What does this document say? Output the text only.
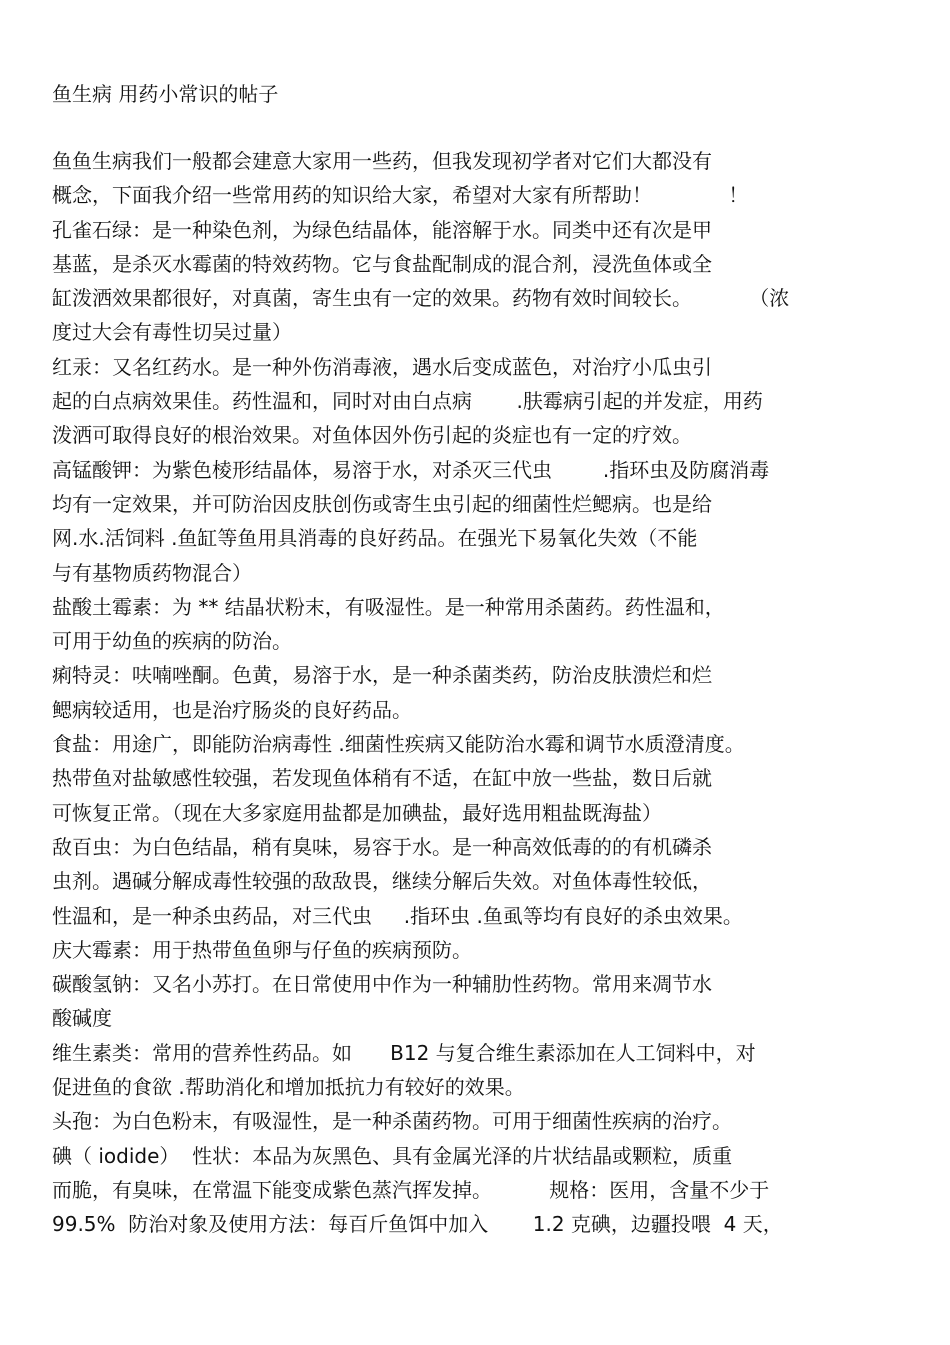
鱼生病 用药小常识的帖子
鱼鱼生病我们一般都会建意大家用一些药，但我发现初学者对它们大都没有
概念，下面我介绍一些常用药的知识给大家，希望对大家有所帮助！            ！
孔雀石绿：是一种染色剂，为绿色结晶体，能溶解于水。同类中还有次是甲
基蓝，是杀灭水霉菌的特效药物。它与食盐配制成的混合剂，浸洗鱼体或全
缸泼洒效果都很好，对真菌，寄生虫有一定的效果。药物有效时间较长。         （浓
度过大会有毒性切吴过量）
红汞：又名红药水。是一种外伤消毒液，遇水后变成蓝色，对治疗小瓜虫引
起的白点病效果佳。药性温和，同时对由白点病       .肤霉病引起的并发症，用药
泼洒可取得良好的根治效果。对鱼体因外伤引起的炎症也有一定的疗效。
高锰酸钾：为紫色棱形结晶体，易溶于水，对杀灭三代虫        .指环虫及防腐消毒
均有一定效果，并可防治因皮肤创伤或寄生虫引起的细菌性烂鳃病。也是给
网.水.活饲料 .鱼缸等鱼用具消毒的良好药品。在强光下易氧化失效（不能
与有基物质药物混合）
盐酸土霉素：为 ** 结晶状粉末，有吸湿性。是一种常用杀菌药。药性温和，
可用于幼鱼的疾病的防治。
痢特灵：呋喃唑酮。色黄，易溶于水，是一种杀菌类药，防治皮肤溃烂和烂
鳃病较适用，也是治疗肠炎的良好药品。
食盐：用途广，即能防治病毒性 .细菌性疾病又能防治水霉和调节水质澄清度。
热带鱼对盐敏感性较强，若发现鱼体稍有不适，在缸中放一些盐，数日后就
可恢复正常。（现在大多家庭用盐都是加碘盐，最好选用粗盐既海盐）
敌百虫：为白色结晶，稍有臭味，易容于水。是一种高效低毒的的有机磷杀
虫剂。遇碱分解成毒性较强的敌敌畏，继续分解后失效。对鱼体毒性较低，
性温和，是一种杀虫药品，对三代虫     .指环虫 .鱼虱等均有良好的杀虫效果。
庆大霉素：用于热带鱼鱼卵与仔鱼的疾病预防。
碳酸氢钠：又名小苏打。在日常使用中作为一种辅肋性药物。常用来凋节水
酸碱度
维生素类：常用的营养性药品。如      B12 与复合维生素添加在人工饲料中，对
促进鱼的食欲 .帮助消化和增加抵抗力有较好的效果。
头孢：为白色粉末，有吸湿性，是一种杀菌药物。可用于细菌性疾病的治疗。
碘（ iodide）  性状：本品为灰黑色、具有金属光泽的片状结晶或颗粒，质重
而脆，有臭味，在常温下能变成紫色蒸汽挥发掉。         规格：医用，含量不少于
99.5%  防治对象及使用方法：每百斤鱼饵中加入       1.2 克碘，边疆投喂  4 天，
